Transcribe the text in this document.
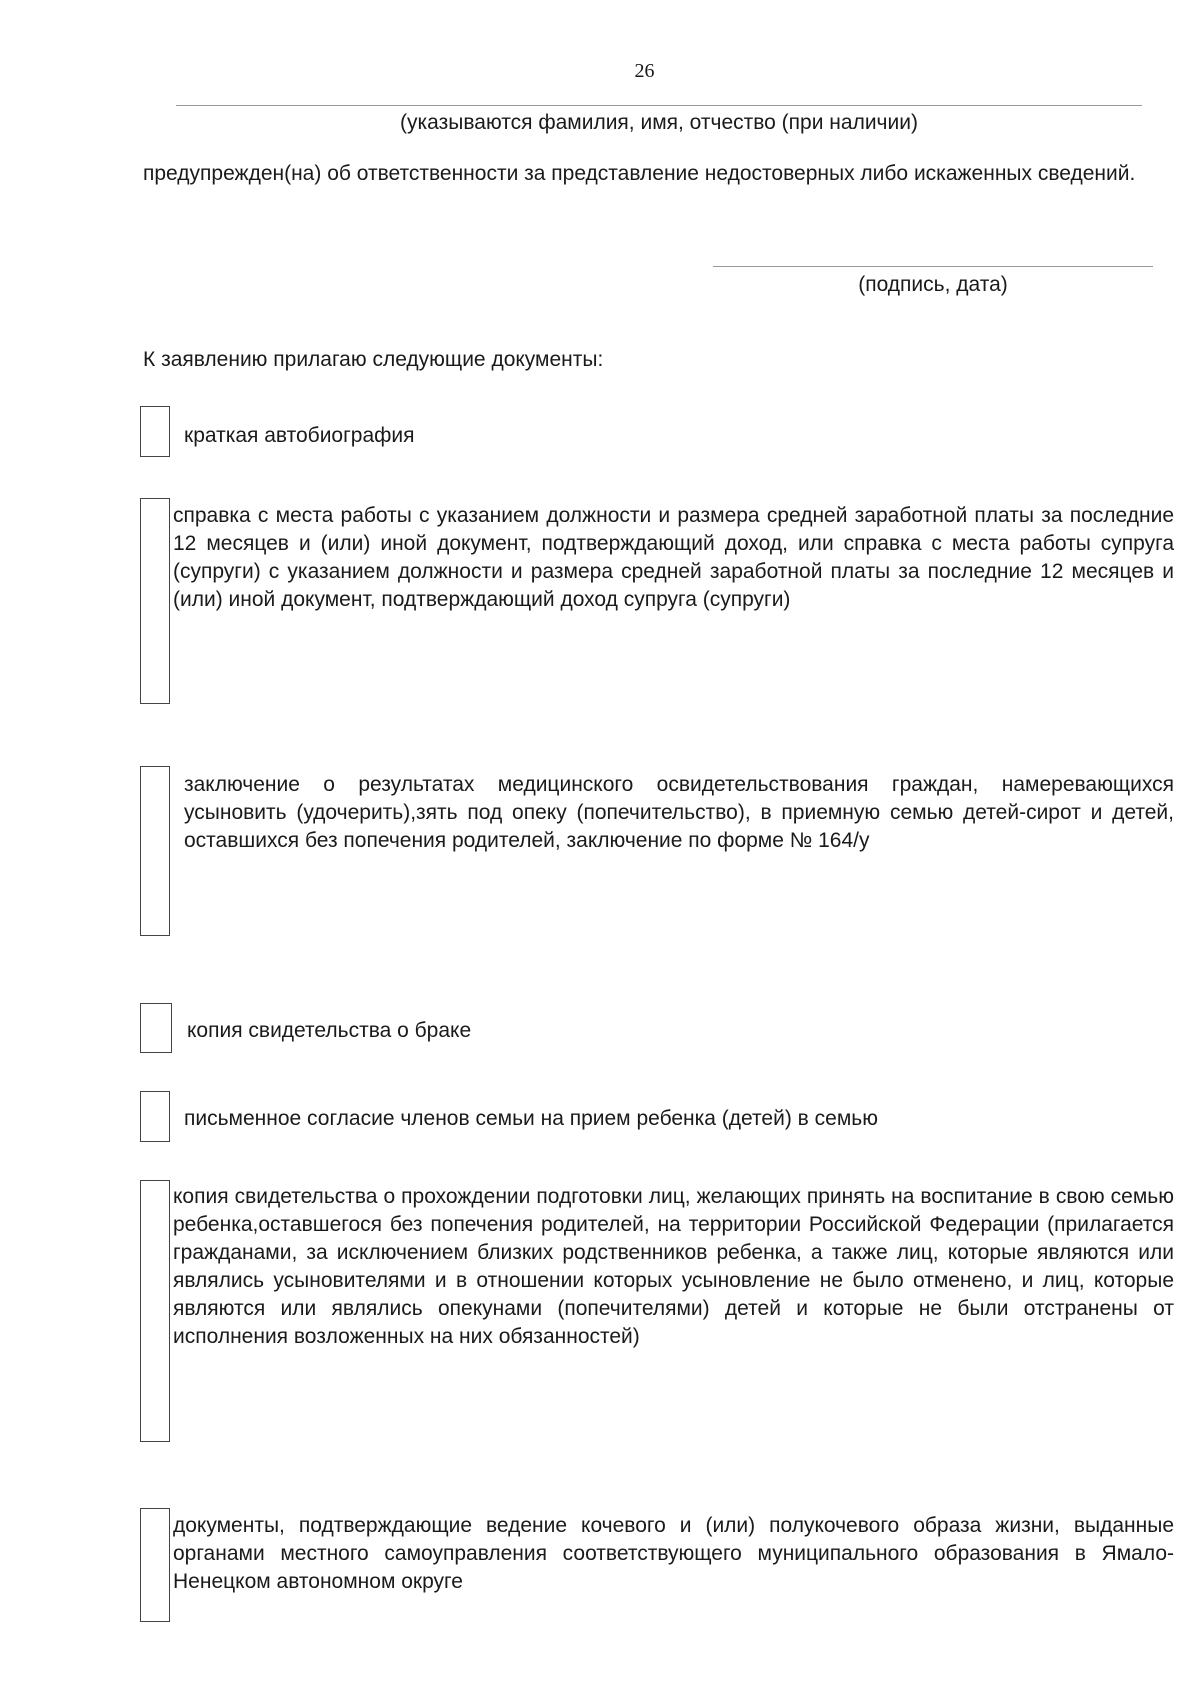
26
(указываются фамилия, имя, отчество (при наличии)
предупрежден(на) об ответственности за представление недостоверных либо искаженных сведений.
(подпись, дата)
К заявлению прилагаю следующие документы:
краткая автобиография
справка с места работы с указанием должности и размера средней заработной платы за последние 12 месяцев и (или) иной документ, подтверждающий доход, или справка с места работы супруга (супруги) с указанием должности и размера средней заработной платы за последние 12 месяцев и (или) иной документ, подтверждающий доход супруга (супруги)
заключение о результатах медицинского освидетельствования граждан, намеревающихся усыновить (удочерить),зять под опеку (попечительство), в приемную семью детей-сирот и детей, оставшихся без попечения родителей, заключение по форме № 164/у
копия свидетельства о браке
письменное согласие членов семьи на прием ребенка (детей) в семью
копия свидетельства о прохождении подготовки лиц, желающих принять на воспитание в свою семью ребенка,оставшегося без попечения родителей, на территории Российской Федерации (прилагается гражданами, за исключением близких родственников ребенка, а также лиц, которые являются или являлись усыновителями и в отношении которых усыновление не было отменено, и лиц, которые являются или являлись опекунами (попечителями) детей и которые не были отстранены от исполнения возложенных на них обязанностей)
документы, подтверждающие ведение кочевого и (или) полукочевого образа жизни, выданные органами местного самоуправления соответствующего муниципального образования в Ямало-Ненецком автономном округе
